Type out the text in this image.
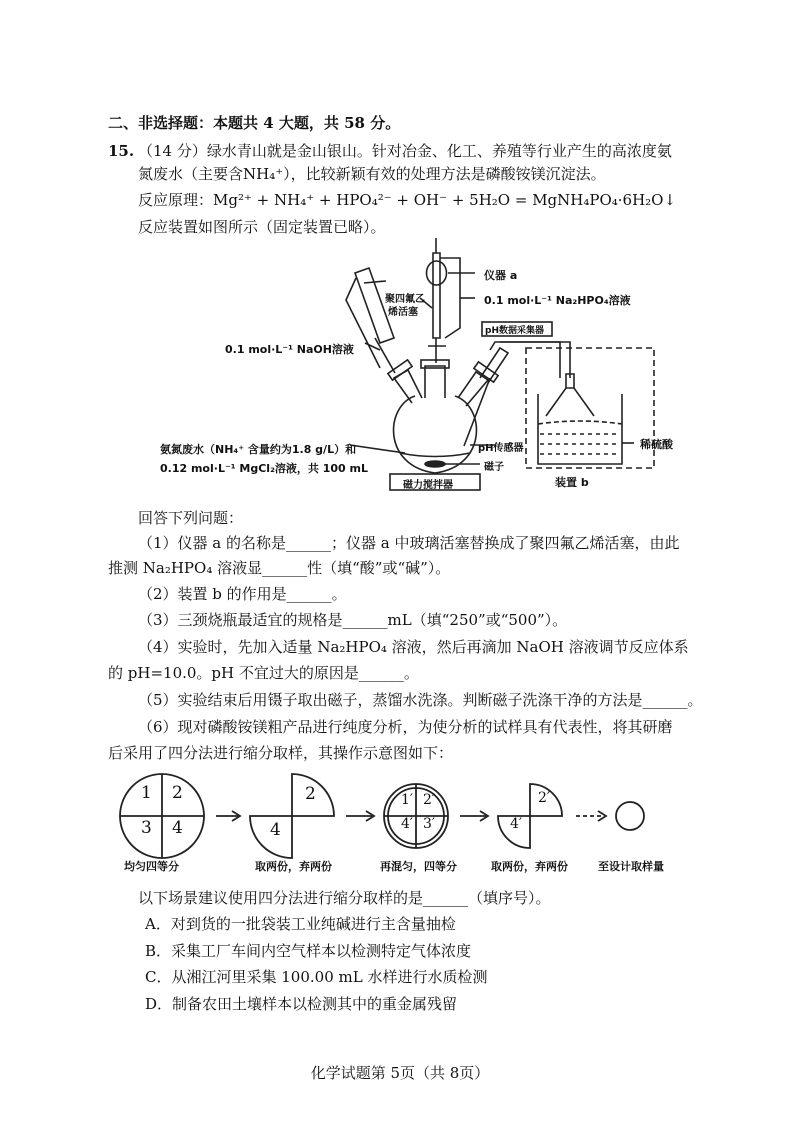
二、非选择题：本题共 4 大题，共 58 分。
15. （14 分）绿水青山就是金山银山。针对冶金、化工、养殖等行业产生的高浓度氨
氮废水（主要含NH₄⁺），比较新颖有效的处理方法是磷酸铵镁沉淀法。
反应原理：Mg²⁺ + NH₄⁺ + HPO₄²⁻ + OH⁻ + 5H₂O = MgNH₄PO₄·6H₂O↓
反应装置如图所示（固定装置已略）。
仪器 a
0.1 mol·L⁻¹ Na₂HPO₄溶液
聚四氟乙
烯活塞
pH数据采集器
0.1 mol·L⁻¹ NaOH溶液
氨氮废水（NH₄⁺ 含量约为1.8 g/L）和
0.12 mol·L⁻¹ MgCl₂溶液，共 100 mL
pH传感器
磁子
磁力搅拌器
稀硫酸
装置 b
回答下列问题：
（1）仪器 a 的名称是______；仪器 a 中玻璃活塞替换成了聚四氟乙烯活塞，由此
推测 Na₂HPO₄ 溶液显______性（填“酸”或“碱”）。
（2）装置 b 的作用是______。
（3）三颈烧瓶最适宜的规格是______mL（填“250”或“500”）。
（4）实验时，先加入适量 Na₂HPO₄ 溶液，然后再滴加 NaOH 溶液调节反应体系
的 pH=10.0。pH 不宜过大的原因是______。
（5）实验结束后用镊子取出磁子，蒸馏水洗涤。判断磁子洗涤干净的方法是______。
（6）现对磷酸铵镁粗产品进行纯度分析，为使分析的试样具有代表性，将其研磨
后采用了四分法进行缩分取样，其操作示意图如下：
1 2
3 4
2
4
1′ 2′
4′ 3′
2′
4′
均匀四等分	取两份，弃两份	再混匀，四等分	取两份，弃两份	至设计取样量
以下场景建议使用四分法进行缩分取样的是______（填序号）。
A．对到货的一批袋装工业纯碱进行主含量抽检
B．采集工厂车间内空气样本以检测特定气体浓度
C．从湘江河里采集 100.00 mL 水样进行水质检测
D．制备农田土壤样本以检测其中的重金属残留
化学试题第 5页（共 8页）
